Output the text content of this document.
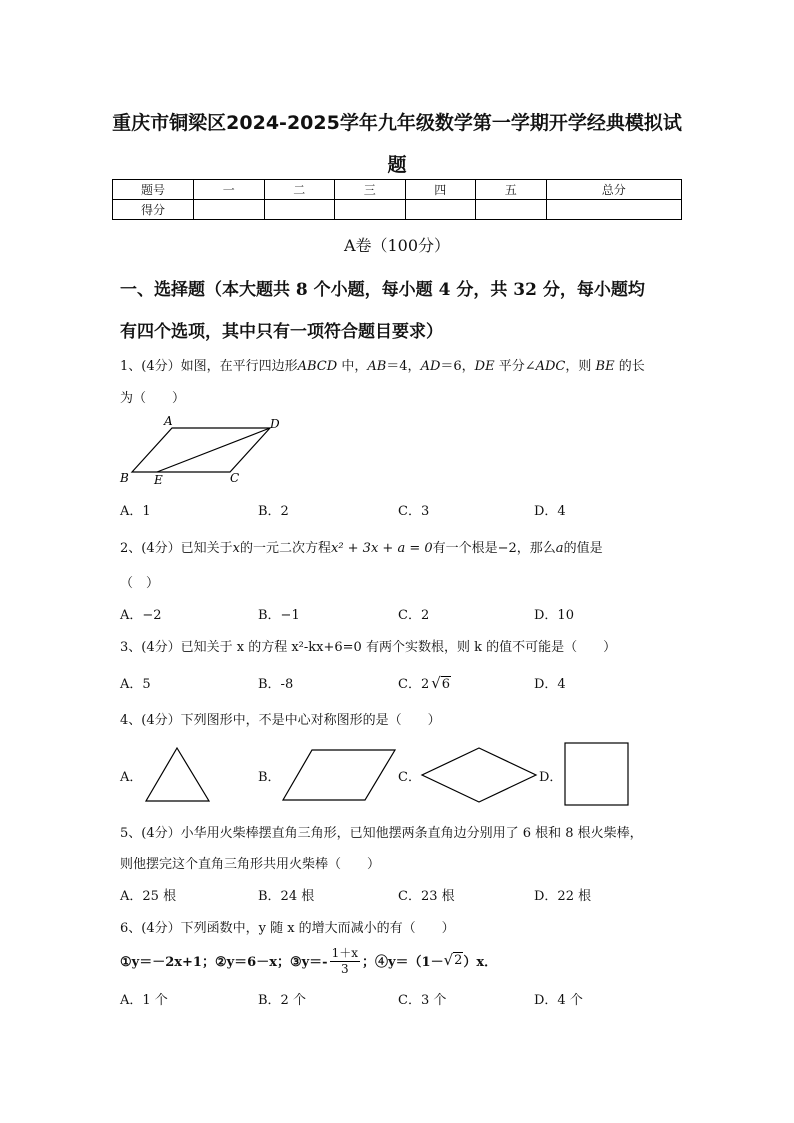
重庆市铜梁区2024-2025学年九年级数学第一学期开学经典模拟试
题
题号	一	二	三	四	五	总分
得分						
A卷（100分）
一、选择题（本大题共 8 个小题，每小题 4 分，共 32 分，每小题均
有四个选项，其中只有一项符合题目要求）
1、(4分）如图，在平行四边形ABCD 中，AB＝4，AD＝6，DE 平分∠ADC，则 BE 的长
为（　　）
A	D
B E	C
A．1	B．2	C．3	D．4
2、(4分）已知关于x的一元二次方程x² + 3x + a = 0有一个根是−2，那么a的值是
（　）
A．−2	B．−1	C．2	D．10
3、(4分）已知关于 x 的方程 x²-kx+6=0 有两个实数根，则 k 的值不可能是（　　）
A．5	B．-8	C．2 √6	D．4
4、(4分）下列图形中，不是中心对称图形的是（　　）
A．	B．	C．	D．
5、(4分）小华用火柴棒摆直角三角形，已知他摆两条直角边分别用了 6 根和 8 根火柴棒，
则他摆完这个直角三角形共用火柴棒（　　）
A．25 根	B．24 根	C．23 根	D．22 根
6、(4分）下列函数中，y 随 x 的增大而减小的有（　　）
①y＝－2x+1；②y＝6－x；③y＝- $\frac{1+x}{3}$ ；④y＝（1－ √ 2 ）x．
A．1 个	B．2 个	C．3 个	D．4 个
